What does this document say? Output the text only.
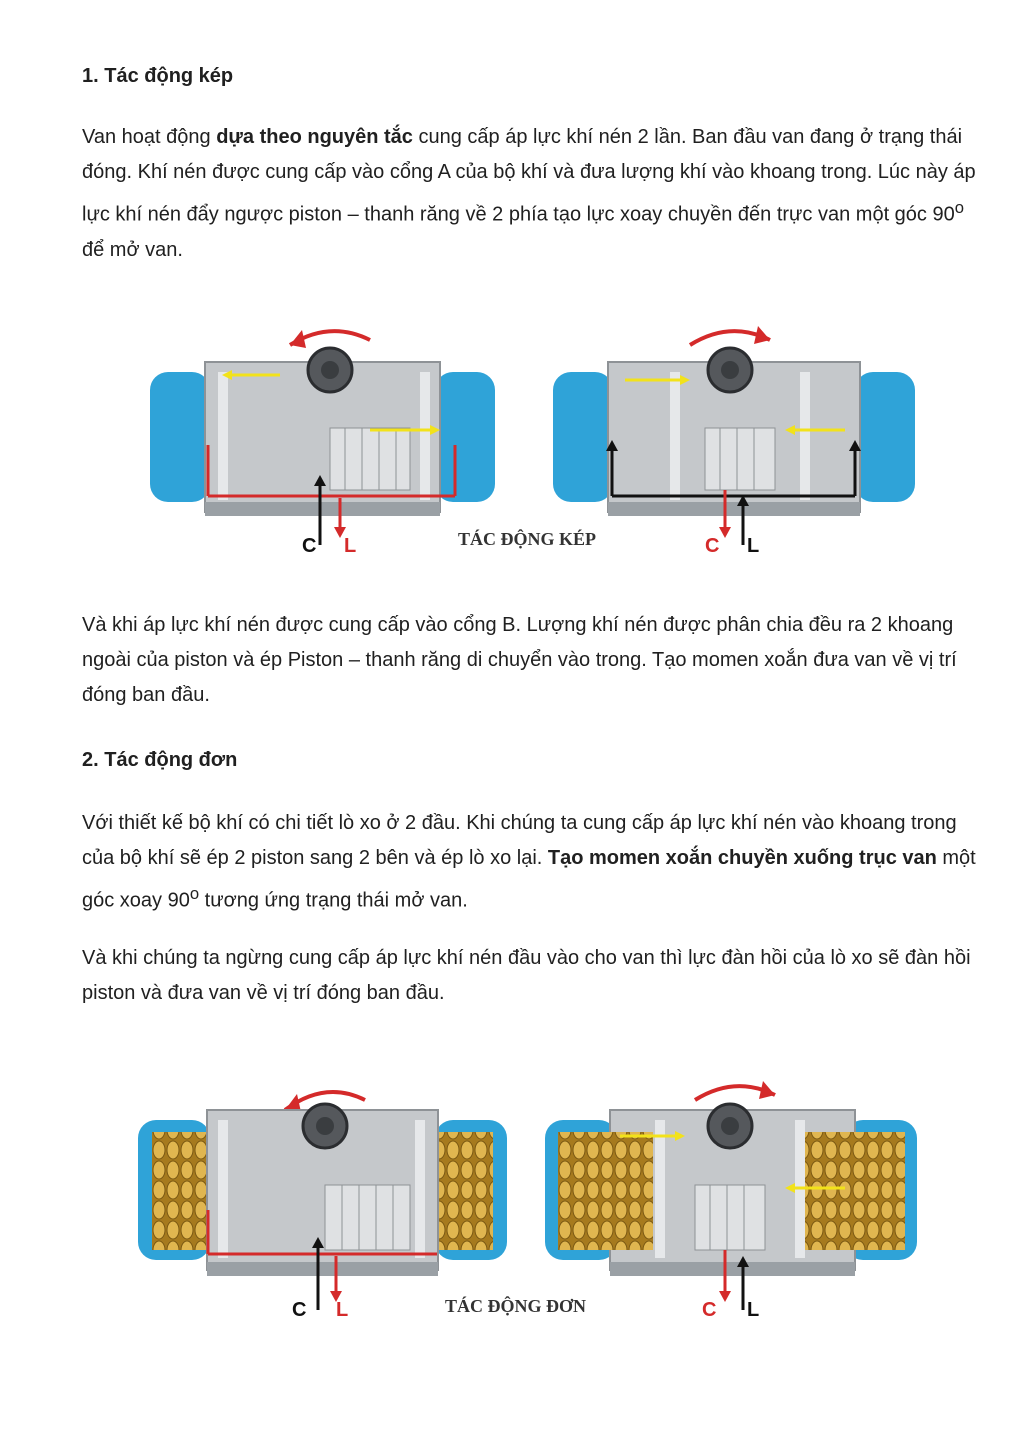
1. Tác động kép

Van hoạt động dựa theo nguyên tắc cung cấp áp lực khí nén 2 lần. Ban đầu van đang ở trạng thái đóng. Khí nén được cung cấp vào cổng A của bộ khí và đưa lượng khí vào khoang trong. Lúc này áp lực khí nén đẩy ngược piston – thanh răng về 2 phía tạo lực xoay chuyền đến trực van một góc 90$^o$ để mở van.

C L	TÁC ĐỘNG KÉP	C L

Và khi áp lực khí nén được cung cấp vào cổng B. Lượng khí nén được phân chia đều ra 2 khoang ngoài của piston và ép Piston – thanh răng di chuyển vào trong. Tạo momen xoắn đưa van về vị trí đóng ban đầu.

2. Tác động đơn

Với thiết kế bộ khí có chi tiết lò xo ở 2 đầu. Khi chúng ta cung cấp áp lực khí nén vào khoang trong của bộ khí sẽ ép 2 piston sang 2 bên và ép lò xo lại. Tạo momen xoắn chuyền xuống trục van một góc xoay 90$^o$ tương ứng trạng thái mở van.

Và khi chúng ta ngừng cung cấp áp lực khí nén đầu vào cho van thì lực đàn hồi của lò xo sẽ đàn hồi piston và đưa van về vị trí đóng ban đầu.

C L	TÁC ĐỘNG ĐƠN	C L
